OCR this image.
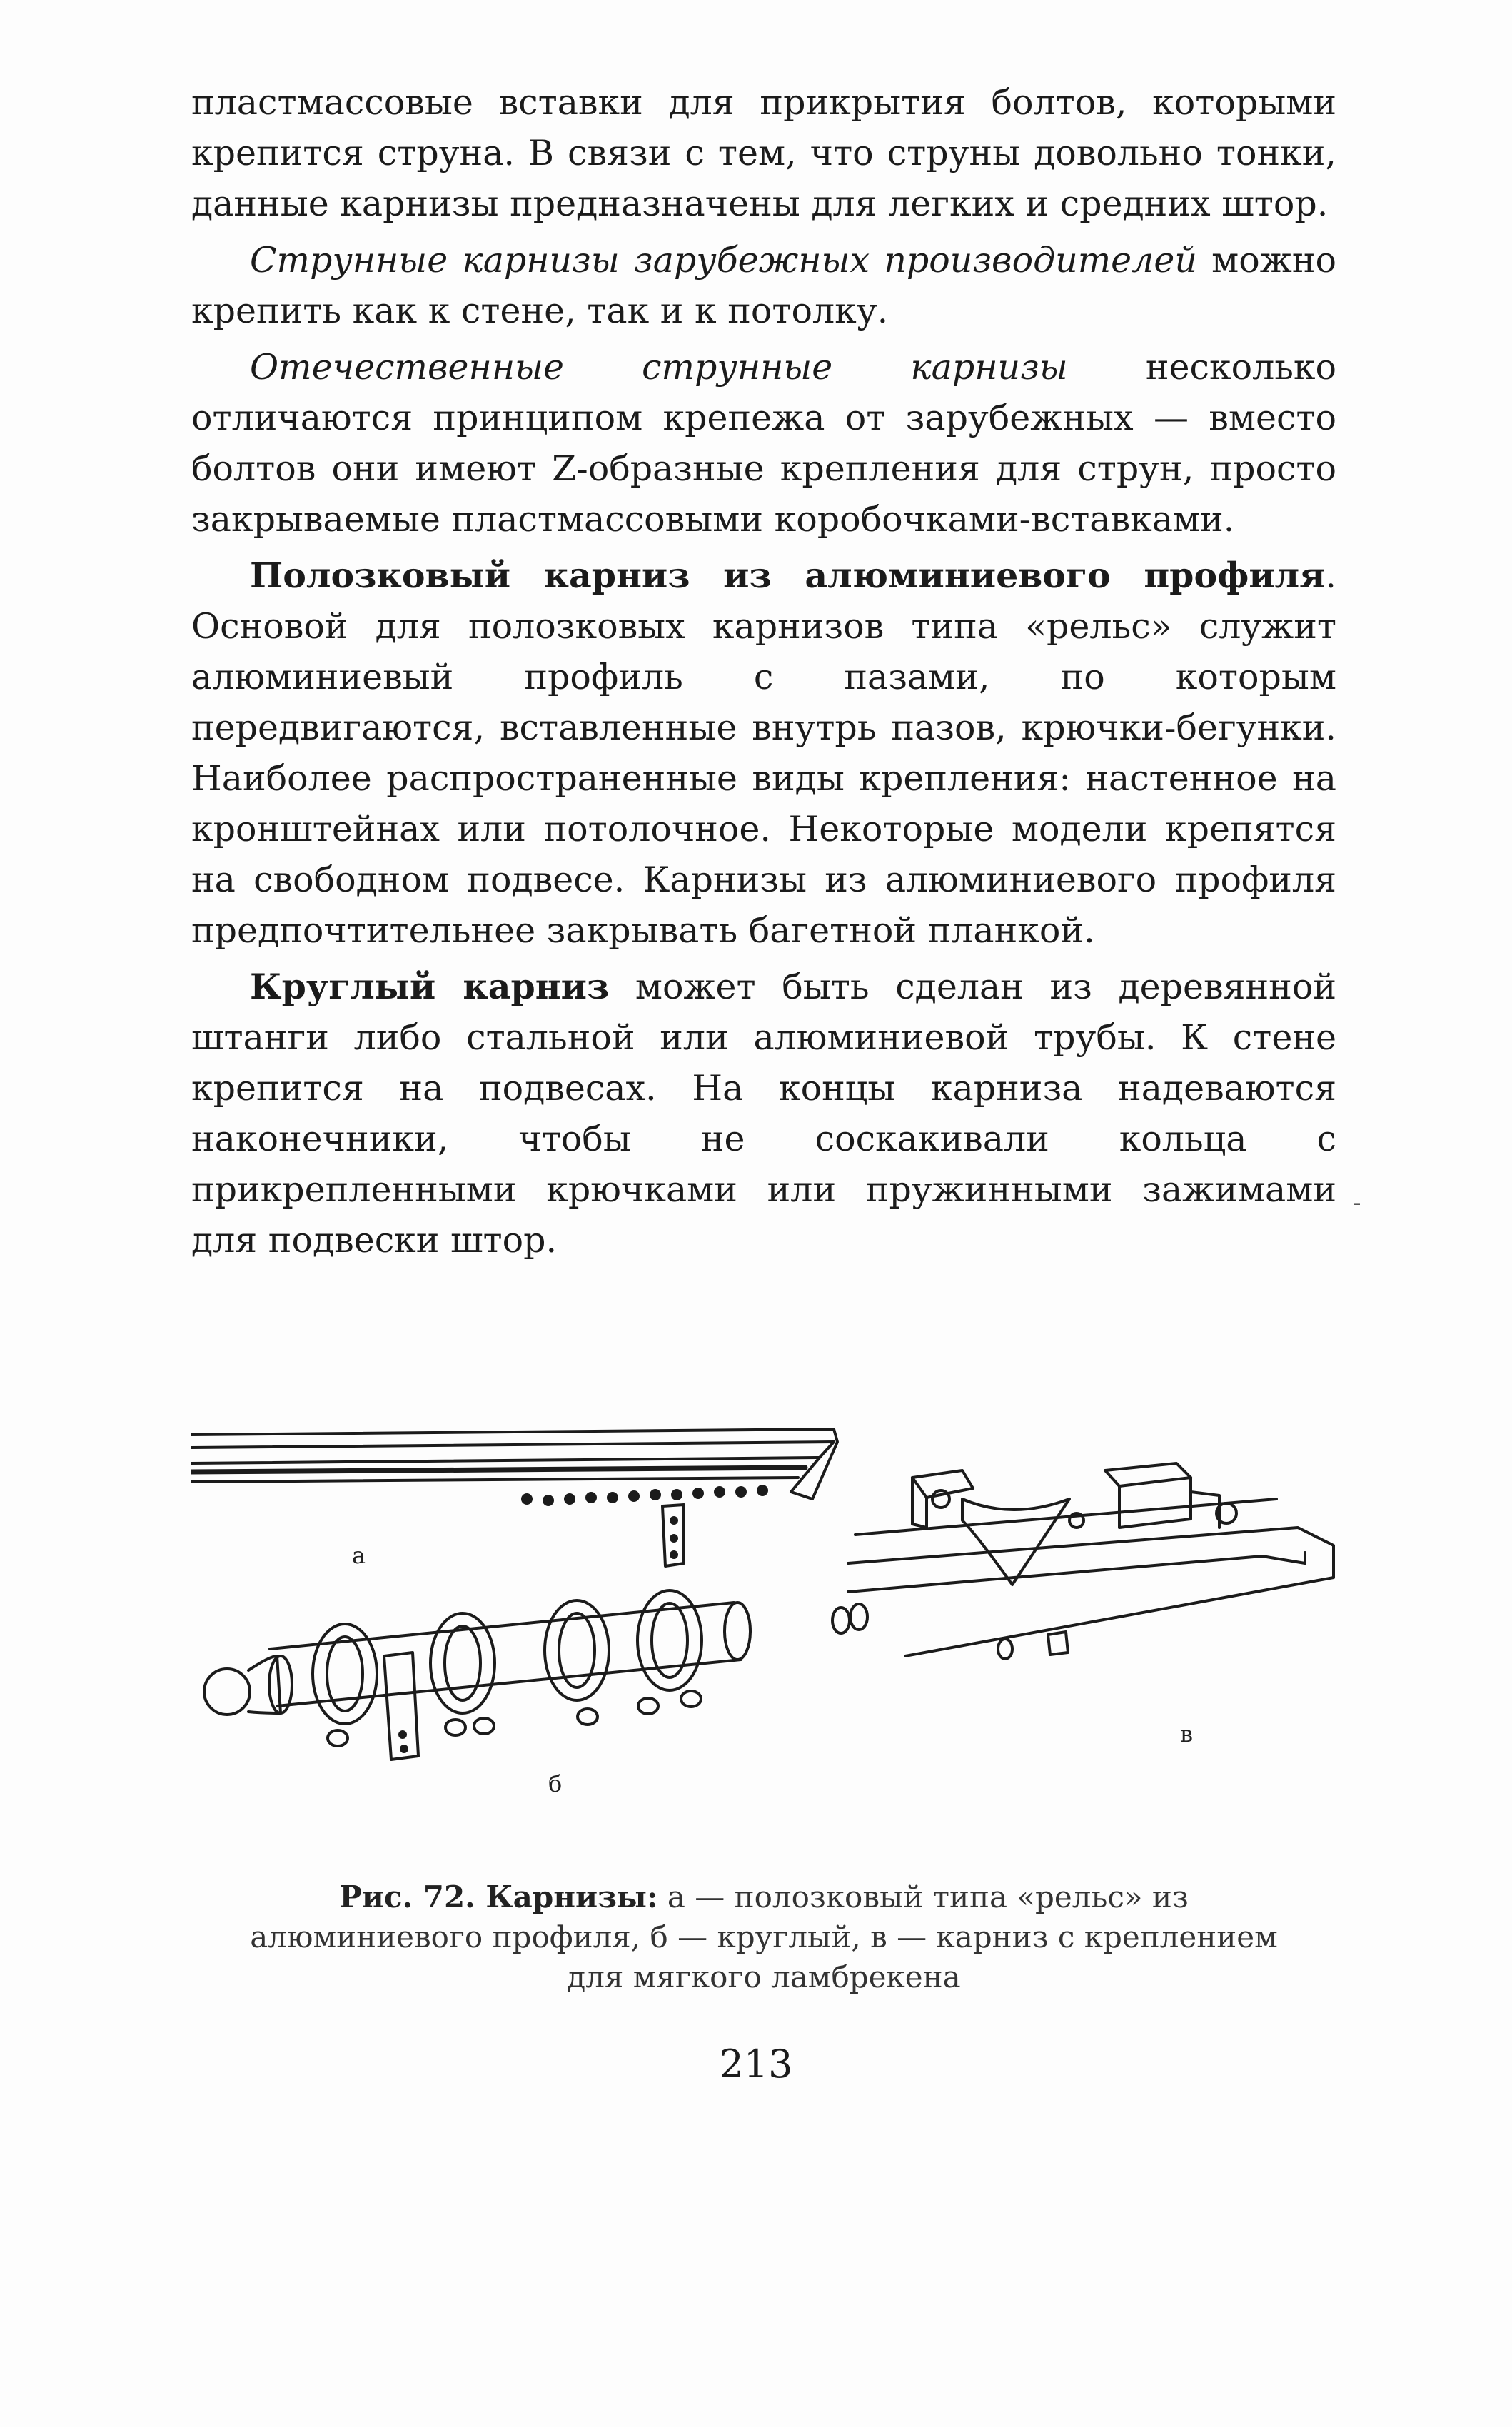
пластмассовые вставки для прикрытия болтов, которыми крепится струна. В связи с тем, что струны довольно тонки, данные карнизы предназначены для легких и средних штор.

Струнные карнизы зарубежных производителей можно крепить как к стене, так и к потолку.

Отечественные струнные карнизы несколько отличаются принципом крепежа от зарубежных — вместо болтов они имеют Z-образные крепления для струн, просто закрываемые пластмассовыми коробочками-вставками.

Полозковый карниз из алюминиевого профиля. Основой для полозковых карнизов типа «рельс» служит алюминиевый профиль с пазами, по которым передвигаются, вставленные внутрь пазов, крючки-бегунки. Наиболее распространенные виды крепления: настенное на кронштейнах или потолочное. Некоторые модели крепятся на свободном подвесе. Карнизы из алюминиевого профиля предпочтительнее закрывать багетной планкой.

Круглый карниз может быть сделан из деревянной штанги либо стальной или алюминиевой трубы. К стене крепится на подвесах. На концы карниза надеваются наконечники, чтобы не соскакивали кольца с прикрепленными крючками или пружинными зажимами для подвески штор.

-
a
б
в
Рис. 72. Карнизы: а — полозковый типа «рельс» из алюминиевого профиля, б — круглый, в — карниз с креплением для мягкого ламбрекена
213
